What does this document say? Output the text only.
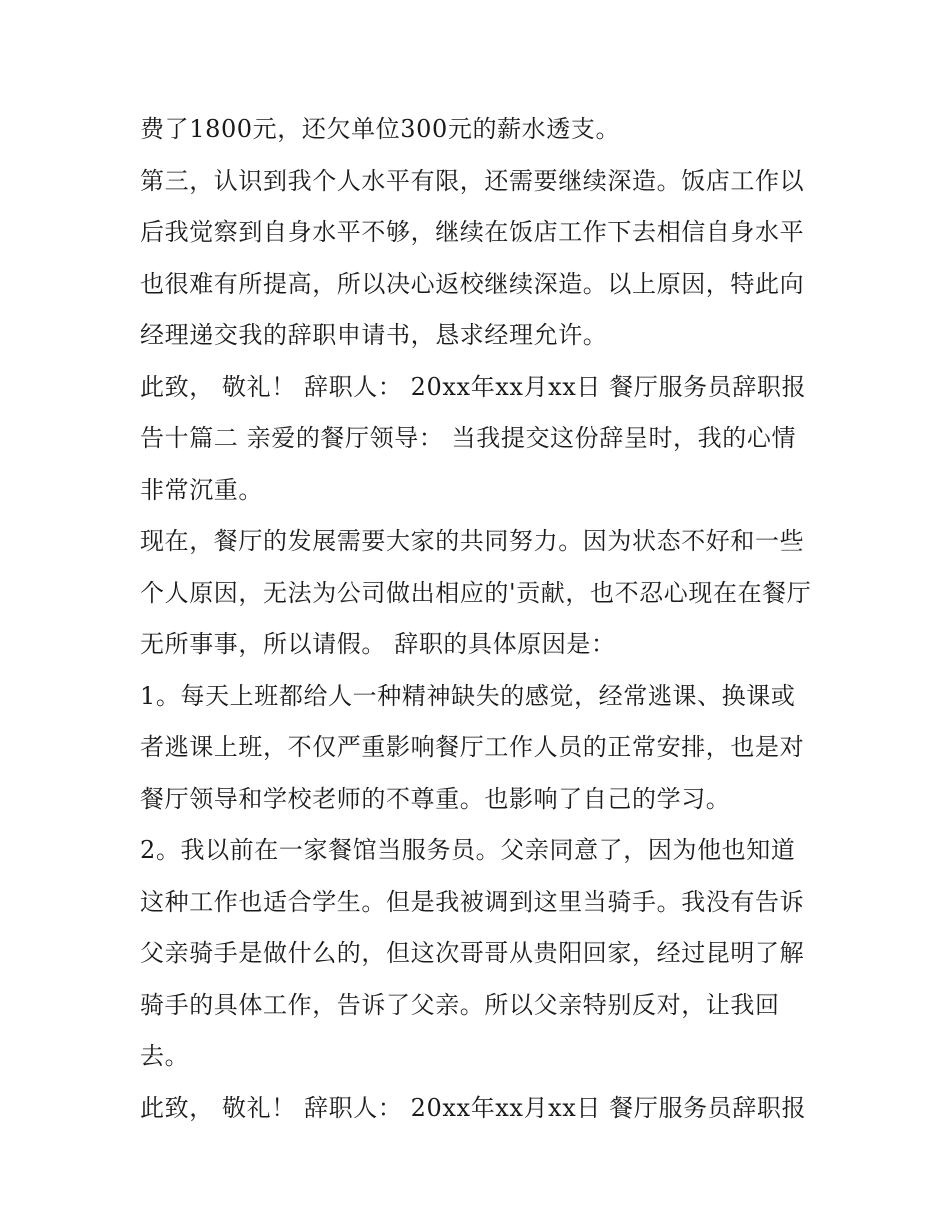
费了1800元，还欠单位300元的薪水透支。

第三，认识到我个人水平有限，还需要继续深造。饭店工作以后我觉察到自身水平不够，继续在饭店工作下去相信自身水平也很难有所提高，所以决心返校继续深造。以上原因，特此向经理递交我的辞职申请书，恳求经理允许。

此致， 敬礼！ 辞职人： 20xx年xx月xx日 餐厅服务员辞职报告十篇二 亲爱的餐厅领导： 当我提交这份辞呈时，我的心情非常沉重。

现在，餐厅的发展需要大家的共同努力。因为状态不好和一些个人原因，无法为公司做出相应的'贡献，也不忍心现在在餐厅无所事事，所以请假。 辞职的具体原因是：

1。每天上班都给人一种精神缺失的感觉，经常逃课、换课或者逃课上班，不仅严重影响餐厅工作人员的正常安排，也是对餐厅领导和学校老师的不尊重。也影响了自己的学习。

2。我以前在一家餐馆当服务员。父亲同意了，因为他也知道这种工作也适合学生。但是我被调到这里当骑手。我没有告诉父亲骑手是做什么的，但这次哥哥从贵阳回家，经过昆明了解骑手的具体工作，告诉了父亲。所以父亲特别反对，让我回去。

此致， 敬礼！ 辞职人： 20xx年xx月xx日 餐厅服务员辞职报
